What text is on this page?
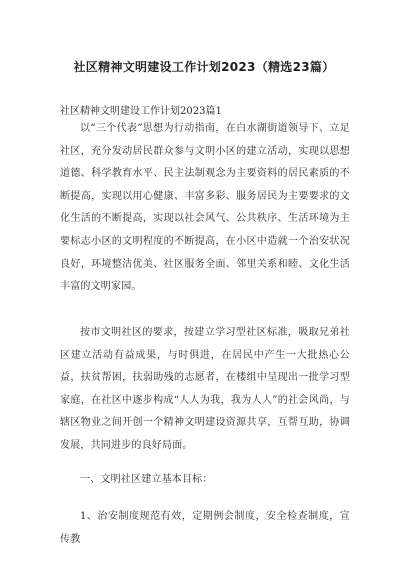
社区精神文明建设工作计划2023（精选23篇）

社区精神文明建设工作计划2023篇1

以“三个代表”思想为行动指南，在白水湖街道领导下、立足社区，充分发动居民群众参与文明小区的建立活动，实现以思想道德、科学教育水平、民主法制观念为主要资料的居民素质的不断提高，实现以用心健康、丰富多彩、服务居民为主要要求的文化生活的不断提高，实现以社会风气、公共秩序、生活环境为主要标志小区的文明程度的不断提高，在小区中造就一个治安状况良好，环境整洁优美、社区服务全面、邻里关系和睦、文化生活丰富的文明家园。

按市文明社区的要求，按建立学习型社区标准，吸取兄弟社区建立活动有益成果，与时俱进，在居民中产生一大批热心公益，扶贫帮困，扶弱助残的志愿者，在楼组中呈现出一批学习型家庭，在社区中逐步构成“人人为我，我为人人”的社会风尚，与辖区物业之间开创一个精神文明建设资源共享，互帮互助，协调发展，共同进步的良好局面。

一、文明社区建立基本目标：

1、治安制度规范有效，定期例会制度，安全检查制度，宣传教
